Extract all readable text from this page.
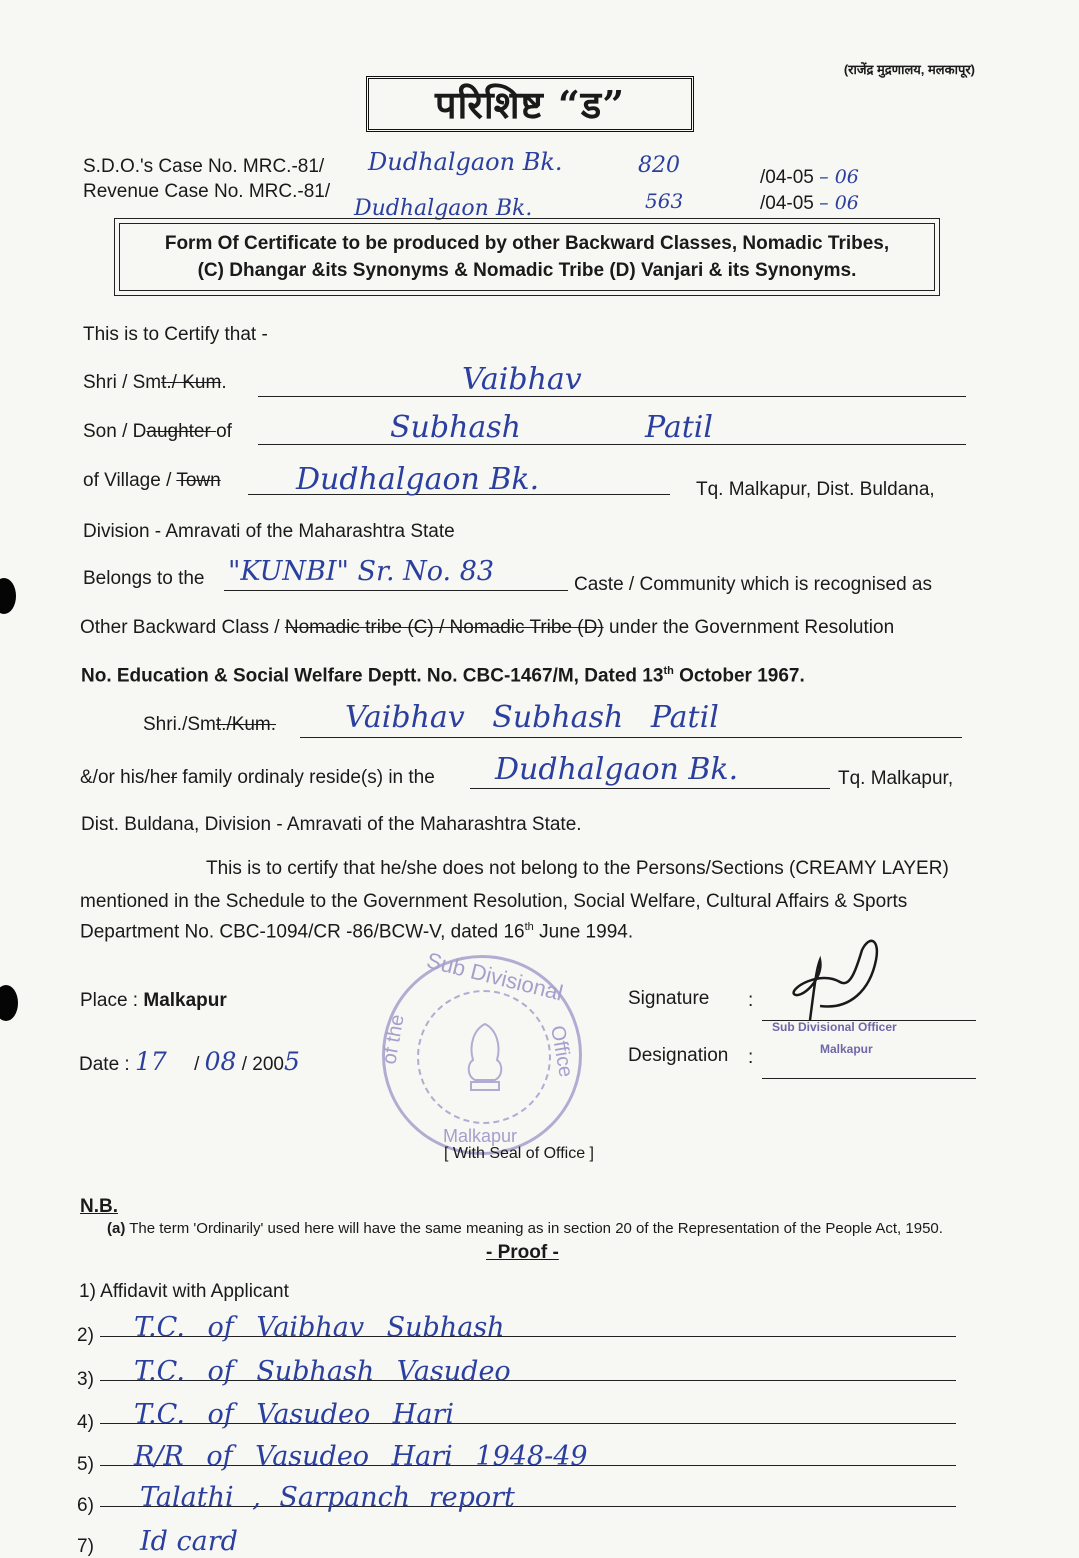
(राजेंद्र मुद्रणालय, मलकापूर)
परिशिष्ट “ड”
S.D.O.'s Case No. MRC.-81/ Dudhalgaon Bk.	820	/04-05 – 06
Revenue Case No. MRC.-81/
Dudhalgaon Bk.	563	/04-05 – 06
Form Of Certificate to be produced by other Backward Classes, Nomadic Tribes,
(C) Dhangar &its Synonyms & Nomadic Tribe (D) Vanjari & its Synonyms.
This is to Certify that -
Shri / Smt./ Kum.	Vaibhav
Son / Daughter of	Subhash	Patil
of Village / Town	Dudhalgaon Bk.	Tq. Malkapur, Dist. Buldana,
Division - Amravati of the Maharashtra State
Belongs to the "KUNBI" Sr. No. 83	Caste / Community which is recognised as
Other Backward Class / Nomadic tribe (C) / Nomadic Tribe (D) under the Government Resolution
No. Education & Social Welfare Deptt. No. CBC-1467/M, Dated 13th October 1967.
Shri./Smt./Kum. Vaibhav Subhash Patil
&/or his/her family ordinaly reside(s) in the Dudhalgaon Bk.	Tq. Malkapur,
Dist. Buldana, Division - Amravati of the Maharashtra State.
This is to certify that he/she does not belong to the Persons/Sections (CREAMY LAYER)
mentioned in the Schedule to the Government Resolution, Social Welfare, Cultural Affairs & Sports
Department No. CBC-1094/CR -86/BCW-V, dated 16th June 1994.
Sub Divisional
of the	Office
Malkapur
[ With Seal of Office ]
Place : Malkapur
Date : 17 / 08 / 2005
Signature :
Sub Divisional Officer
Malkapur
Designation :
N.B.
(a) The term 'Ordinarily' used here will have the same meaning as in section 20 of the Representation of the People Act, 1950.
- Proof -
1) Affidavit with Applicant
2) T.C. of Vaibhav Subhash
3) T.C. of Subhash Vasudeo
4) T.C. of Vasudeo Hari
5) R/R of Vasudeo Hari 1948-49
6) Talathi , Sarpanch report
7) Id card
